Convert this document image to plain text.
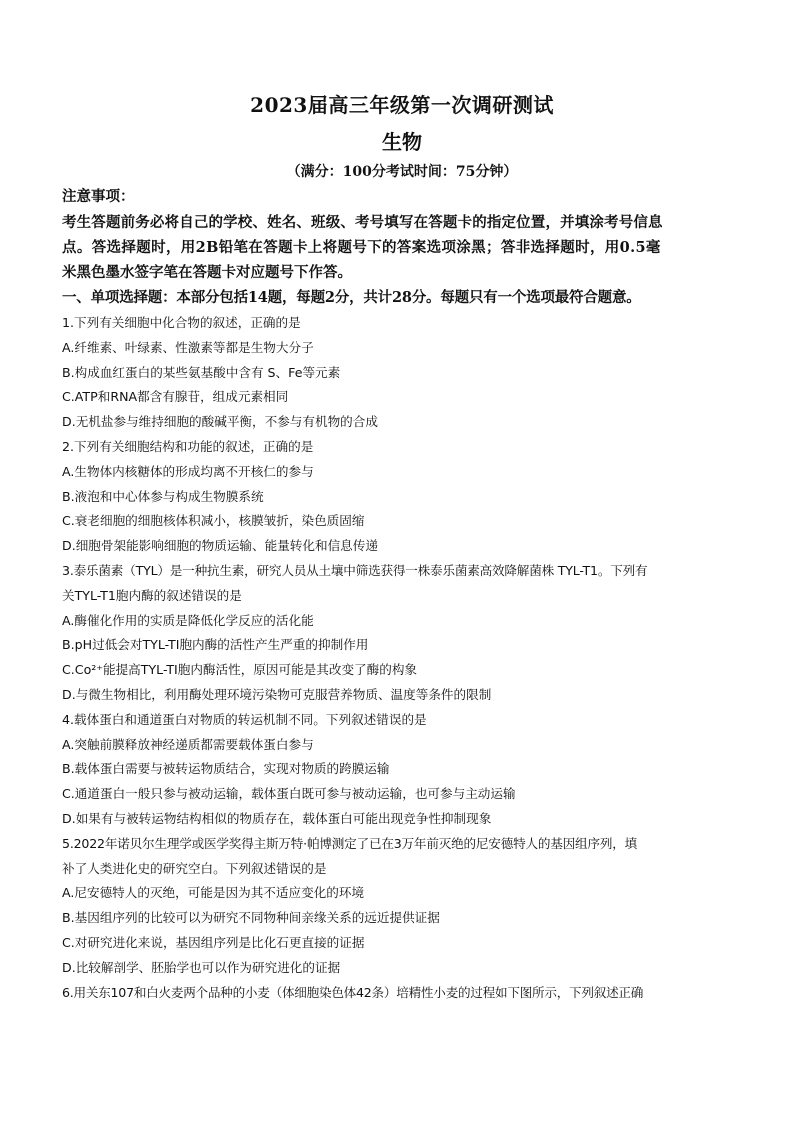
2023届高三年级第一次调研测试
生物
（满分：100分考试时间：75分钟）
注意事项：
考生答题前务必将自己的学校、姓名、班级、考号填写在答题卡的指定位置，并填涂考号信息
点。答选择题时，用2B铅笔在答题卡上将题号下的答案选项涂黑；答非选择题时，用0.5毫
米黑色墨水签字笔在答题卡对应题号下作答。
一、单项选择题：本部分包括14题，每题2分，共计28分。每题只有一个选项最符合题意。
1.下列有关细胞中化合物的叙述，正确的是
A.纤维素、叶绿素、性激素等都是生物大分子
B.构成血红蛋白的某些氨基酸中含有 S、Fe等元素
C.ATP和RNA都含有腺苷，组成元素相同
D.无机盐参与维持细胞的酸碱平衡，不参与有机物的合成
2.下列有关细胞结构和功能的叙述，正确的是
A.生物体内核糖体的形成均离不开核仁的参与
B.液泡和中心体参与构成生物膜系统
C.衰老细胞的细胞核体积减小，核膜皱折，染色质固缩
D.细胞骨架能影响细胞的物质运输、能量转化和信息传递
3.泰乐菌素（TYL）是一种抗生素，研究人员从土壤中筛选获得一株泰乐菌素高效降解菌株 TYL-T1。下列有
关TYL-T1胞内酶的叙述错误的是
A.酶催化作用的实质是降低化学反应的活化能
B.pH过低会对TYL-TI胞内酶的活性产生严重的抑制作用
C.Co²⁺能提高TYL-TI胞内酶活性，原因可能是其改变了酶的构象
D.与微生物相比，利用酶处理环境污染物可克服营养物质、温度等条件的限制
4.载体蛋白和通道蛋白对物质的转运机制不同。下列叙述错误的是
A.突触前膜释放神经递质都需要载体蛋白参与
B.载体蛋白需要与被转运物质结合，实现对物质的跨膜运输
C.通道蛋白一般只参与被动运输，载体蛋白既可参与被动运输，也可参与主动运输
D.如果有与被转运物结构相似的物质存在，载体蛋白可能出现竞争性抑制现象
5.2022年诺贝尔生理学或医学奖得主斯万特·帕博测定了已在3万年前灭绝的尼安德特人的基因组序列，填
补了人类进化史的研究空白。下列叙述错误的是
A.尼安德特人的灭绝，可能是因为其不适应变化的环境
B.基因组序列的比较可以为研究不同物种间亲缘关系的远近提供证据
C.对研究进化来说，基因组序列是比化石更直接的证据
D.比较解剖学、胚胎学也可以作为研究进化的证据
6.用关东107和白火麦两个品种的小麦（体细胞染色体42条）培精性小麦的过程如下图所示，下列叙述正确
